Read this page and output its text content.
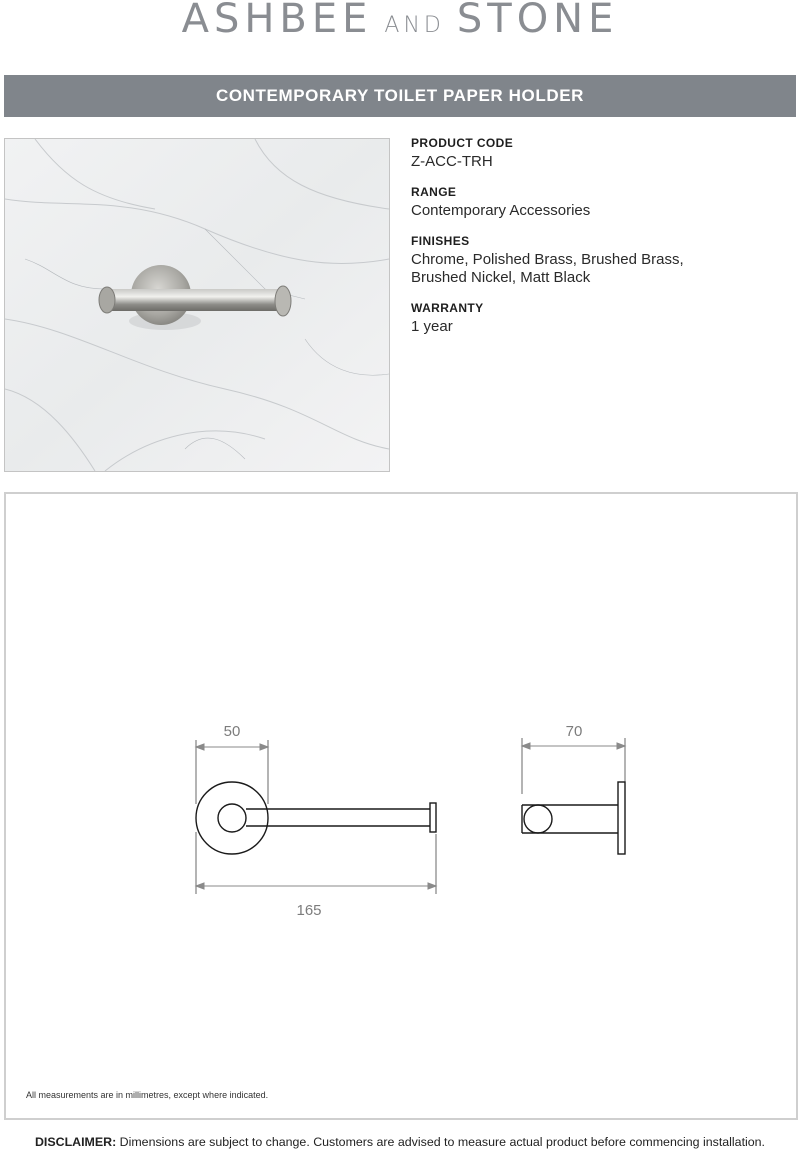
ASHBEE AND STONE
CONTEMPORARY TOILET PAPER HOLDER
PRODUCT CODE
Z-ACC-TRH
RANGE
Contemporary Accessories
FINISHES
Chrome, Polished Brass, Brushed Brass,
Brushed Nickel, Matt Black
WARRANTY
1 year
50
165
70
All measurements are in millimetres, except where indicated.
DISCLAIMER: Dimensions are subject to change. Customers are advised to measure actual product before commencing installation.
